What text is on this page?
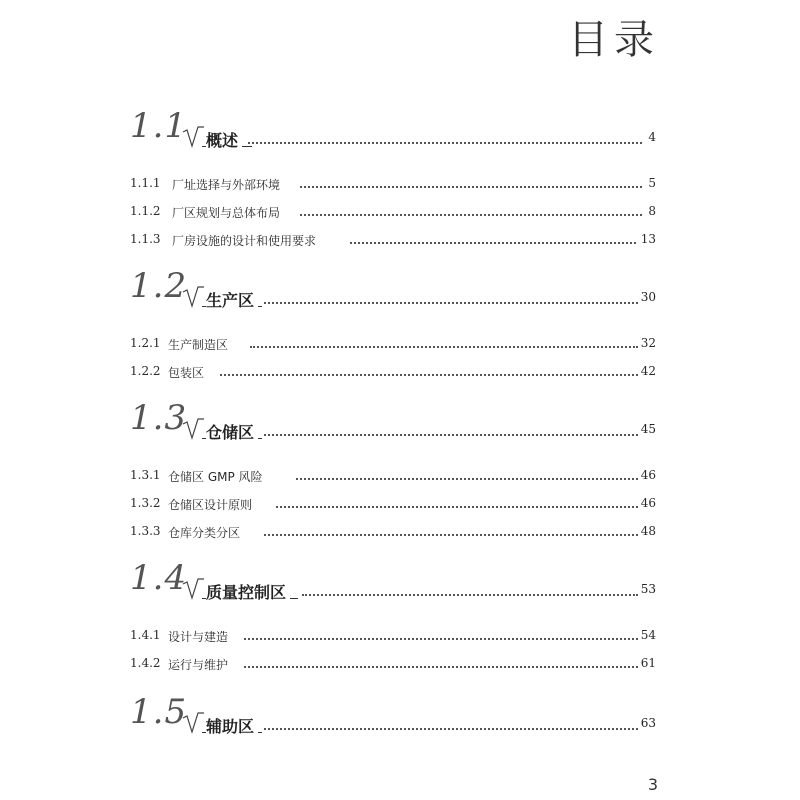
目录
1.1 概述	4
1.1.1 厂址选择与外部环境	5
1.1.2 厂区规划与总体布局	8
1.1.3 厂房设施的设计和使用要求	13
1.2 生产区	30
1.2.1 生产制造区	32
1.2.2 包装区	42
1.3 仓储区	45
1.3.1 仓储区 GMP 风险	46
1.3.2 仓储区设计原则	46
1.3.3 仓库分类分区	48
1.4 质量控制区	53
1.4.1 设计与建造	54
1.4.2 运行与维护	61
1.5 辅助区	63
3
